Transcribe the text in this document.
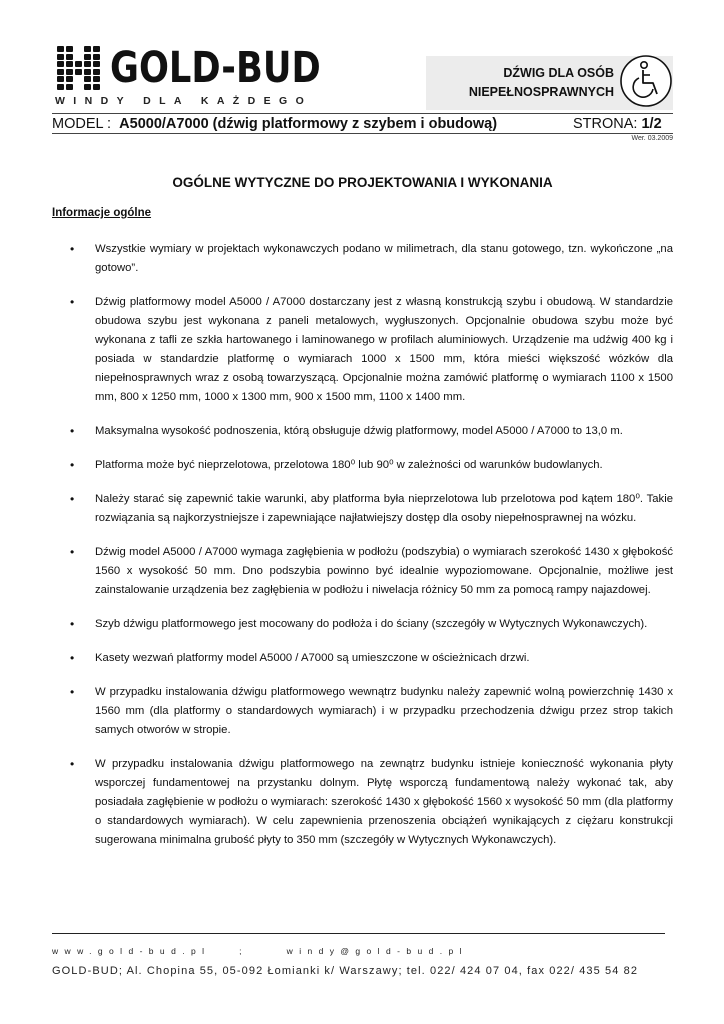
GOLD-BUD
WINDY DLA KAŻDEGO
DŹWIG DLA OSÓB
NIEPEŁNOSPRAWNYCH
MODEL : A5000/A7000 (dźwig platformowy z szybem i obudową)	STRONA: 1/2
Wer. 03.2009
OGÓLNE WYTYCZNE DO PROJEKTOWANIA I WYKONANIA
Informacje ogólne
• Wszystkie wymiary w projektach wykonawczych podano w milimetrach, dla stanu gotowego, tzn. wykończone „na gotowo”.
• Dźwig platformowy model A5000 / A7000 dostarczany jest z własną konstrukcją szybu i obudową. W standardzie obudowa szybu jest wykonana z paneli metalowych, wygłuszonych. Opcjonalnie obudowa szybu może być wykonana z tafli ze szkła hartowanego i laminowanego w profilach aluminiowych. Urządzenie ma udźwig 400 kg i posiada w standardzie platformę o wymiarach 1000 x 1500 mm, która mieści większość wózków dla niepełnosprawnych wraz z osobą towarzyszącą. Opcjonalnie można zamówić platformę o wymiarach 1100 x 1500 mm, 800 x 1250 mm, 1000 x 1300 mm, 900 x 1500 mm, 1100 x 1400 mm.
• Maksymalna wysokość podnoszenia, którą obsługuje dźwig platformowy, model A5000 / A7000 to 13,0 m.
• Platforma może być nieprzelotowa, przelotowa 180⁰ lub 90⁰ w zależności od warunków budowlanych.
• Należy starać się zapewnić takie warunki, aby platforma była nieprzelotowa lub przelotowa pod kątem 180⁰. Takie rozwiązania są najkorzystniejsze i zapewniające najłatwiejszy dostęp dla osoby niepełnosprawnej na wózku.
• Dźwig model A5000 / A7000 wymaga zagłębienia w podłożu (podszybia) o wymiarach szerokość 1430 x głębokość 1560 x wysokość 50 mm. Dno podszybia powinno być idealnie wypoziomowane. Opcjonalnie, możliwe jest zainstalowanie urządzenia bez zagłębienia w podłożu i niwelacja różnicy 50 mm za pomocą rampy najazdowej.
• Szyb dźwigu platformowego jest mocowany do podłoża i do ściany (szczegóły w Wytycznych Wykonawczych).
• Kasety wezwań platformy model A5000 / A7000 są umieszczone w ościeżnicach drzwi.
• W przypadku instalowania dźwigu platformowego wewnątrz budynku należy zapewnić wolną powierzchnię 1430 x 1560 mm (dla platformy o standardowych wymiarach) i w przypadku przechodzenia dźwigu przez strop takich samych otworów w stropie.
• W przypadku instalowania dźwigu platformowego na zewnątrz budynku istnieje konieczność wykonania płyty wsporczej fundamentowej na przystanku dolnym. Płytę wsporczą fundamentową należy wykonać tak, aby posiadała zagłębienie w podłożu o wymiarach: szerokość 1430 x głębokość 1560 x wysokość 50 mm (dla platformy o standardowych wymiarach). W celu zapewnienia przenoszenia obciążeń wynikających z ciężaru konstrukcji sugerowana minimalna grubość płyty to 350 mm (szczegóły w Wytycznych Wykonawczych).
www.gold-bud.pl	;	windy@gold-bud.pl
GOLD-BUD; Al. Chopina 55, 05-092 Łomianki k/ Warszawy; tel. 022/ 424 07 04, fax 022/ 435 54 82
